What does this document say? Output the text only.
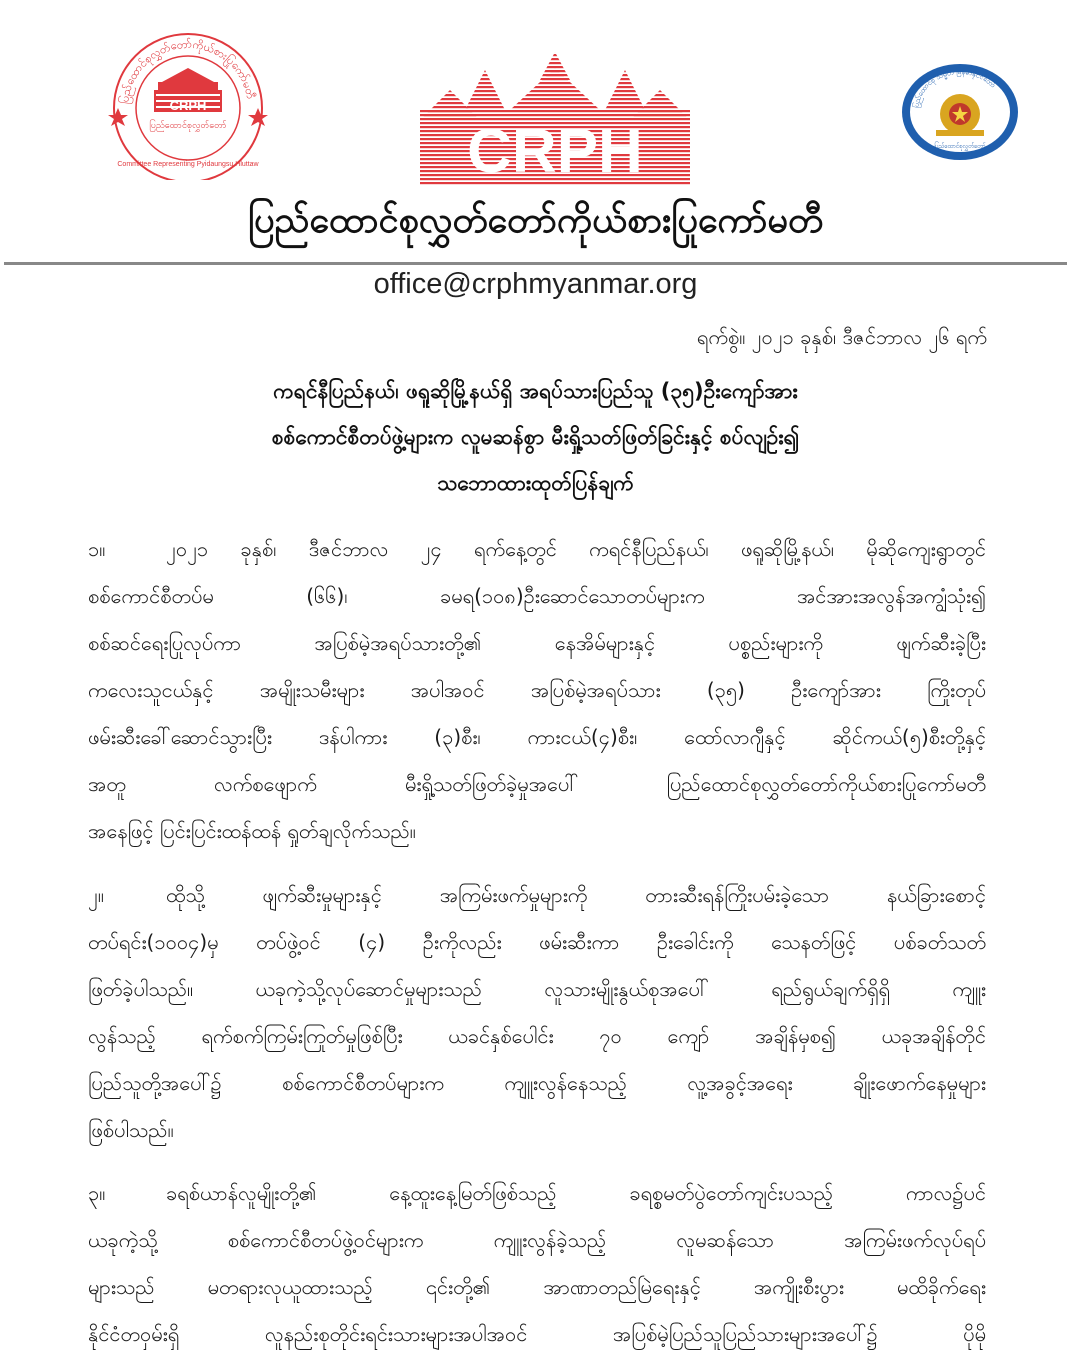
ပြည်ထောင်စုလွှတ်တော်ကိုယ်စားပြုကော်မတီ
CRPH
ပြည်ထောင်စုလွှတ်တော်
Committee Representing Pyidaungsu Hluttaw	CRPH
ပြည်ထောင်စု သမ္မတ မြန်မာနိုင်ငံတော်
ပြည်ထောင်စုလွှတ်တော်
ပြည်ထောင်စုလွှတ်တော်ကိုယ်စားပြုကော်မတီ
office@crphmyanmar.org
ရက်စွဲ။ ၂၀၂၁ ခုနှစ်၊ ဒီဇင်ဘာလ ၂၆ ရက်
ကရင်နီပြည်နယ်၊ ဖရူဆိုမြို့နယ်ရှိ အရပ်သားပြည်သူ (၃၅)ဦးကျော်အား
စစ်ကောင်စီတပ်ဖွဲ့များက လူမဆန်စွာ မီးရှို့သတ်ဖြတ်ခြင်းနှင့် စပ်လျဉ်း၍
သဘောထားထုတ်ပြန်ချက်
၁။	၂၀၂၁ ခုနှစ်၊ ဒီဇင်ဘာလ ၂၄ ရက်နေ့တွင် ကရင်နီပြည်နယ်၊ ဖရူဆိုမြို့နယ်၊ မိုဆိုကျေးရွာတွင်
စစ်ကောင်စီတပ်မ (၆၆)၊ ခမရ(၁၀၈)ဦးဆောင်သောတပ်များက အင်အားအလွန်အကျွံသုံး၍
စစ်ဆင်ရေးပြုလုပ်ကာ အပြစ်မဲ့အရပ်သားတို့၏ နေအိမ်များနှင့် ပစ္စည်းများကို ဖျက်ဆီးခဲ့ပြီး
ကလေးသူငယ်နှင့် အမျိုးသမီးများ အပါအဝင် အပြစ်မဲ့အရပ်သား (၃၅) ဦးကျော်အား ကြိုးတုပ်
ဖမ်းဆီးခေါ်ဆောင်သွားပြီး ဒန်ပါကား (၃)စီး၊ ကားငယ်(၄)စီး၊ ထော်လာဂျီနှင့် ဆိုင်ကယ်(၅)စီးတို့နှင့်
အတူ လက်စဖျောက် မီးရှို့သတ်ဖြတ်ခဲ့မှုအပေါ် ပြည်ထောင်စုလွှတ်တော်ကိုယ်စားပြုကော်မတီ
အနေဖြင့် ပြင်းပြင်းထန်ထန် ရှုတ်ချလိုက်သည်။
၂။	ထိုသို့ ဖျက်ဆီးမှုများနှင့် အကြမ်းဖက်မှုများကို တားဆီးရန်ကြိုးပမ်းခဲ့သော နယ်ခြားစောင့်
တပ်ရင်း(၁၀၀၄)မှ တပ်ဖွဲ့ဝင် (၄) ဦးကိုလည်း ဖမ်းဆီးကာ ဦးခေါင်းကို သေနတ်ဖြင့် ပစ်ခတ်သတ်
ဖြတ်ခဲ့ပါသည်။ ယခုကဲ့သို့လုပ်ဆောင်မှုများသည် လူသားမျိုးနွယ်စုအပေါ် ရည်ရွယ်ချက်ရှိရှိ ကျူး
လွန်သည့် ရက်စက်ကြမ်းကြုတ်မှုဖြစ်ပြီး ယခင်နှစ်ပေါင်း ၇၀ ကျော် အချိန်မှစ၍ ယခုအချိန်တိုင်
ပြည်သူတို့အပေါ်၌ စစ်ကောင်စီတပ်များက ကျူးလွန်နေသည့် လူ့အခွင့်အရေး ချိုးဖောက်နေမှုများ
ဖြစ်ပါသည်။
၃။	ခရစ်ယာန်လူမျိုးတို့၏ နေ့ထူးနေ့မြတ်ဖြစ်သည့် ခရစ္စမတ်ပွဲတော်ကျင်းပသည့် ကာလ၌ပင်
ယခုကဲ့သို့ စစ်ကောင်စီတပ်ဖွဲ့ဝင်များက ကျူးလွန်ခဲ့သည့် လူမဆန်သော အကြမ်းဖက်လုပ်ရပ်
များသည် မတရားလုယူထားသည့် ၎င်းတို့၏ အာဏာတည်မြဲရေးနှင့် အကျိုးစီးပွား မထိခိုက်ရေး
နိုင်ငံတဝှမ်းရှိ လူနည်းစုတိုင်းရင်းသားများအပါအဝင် အပြစ်မဲ့ပြည်သူပြည်သားများအပေါ်၌ ပိုမို
